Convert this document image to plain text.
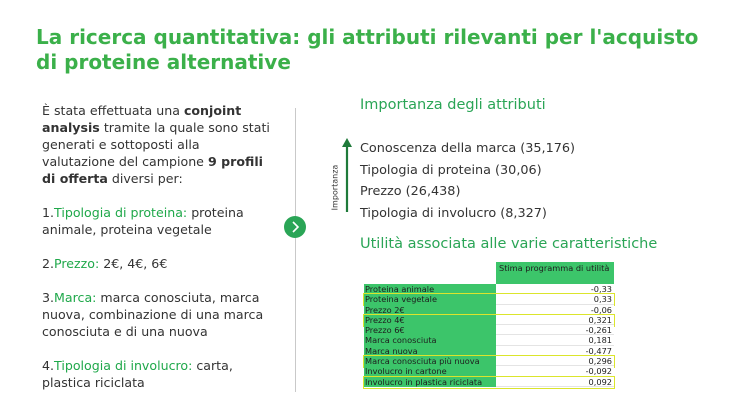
La ricerca quantitativa: gli attributi rilevanti per l'acquisto di proteine alternative

È stata effettuata una conjoint analysis tramite la quale sono stati generati e sottoposti alla valutazione del campione 9 profili di offerta diversi per:

1.Tipologia di proteina: proteina animale, proteina vegetale

2.Prezzo: 2€, 4€, 6€

3.Marca: marca conosciuta, marca nuova, combinazione di una marca conosciuta e di una nuova

4.Tipologia di involucro: carta, plastica riciclata

Importanza degli attributi
Importanza
Conoscenza della marca (35,176)
Tipologia di proteina (30,06)
Prezzo (26,438)
Tipologia di involucro (8,327)
Utilità associata alle varie caratteristiche
Stima programma di utilità
Proteina animale	-0,33
Proteina vegetale	0,33
Prezzo 2€	-0,06
Prezzo 4€	0,321
Prezzo 6€	-0,261
Marca conosciuta	0,181
Marca nuova	-0,477
Marca conosciuta più nuova	0,296
Involucro in cartone	-0,092
Involucro in plastica riciclata	0,092
